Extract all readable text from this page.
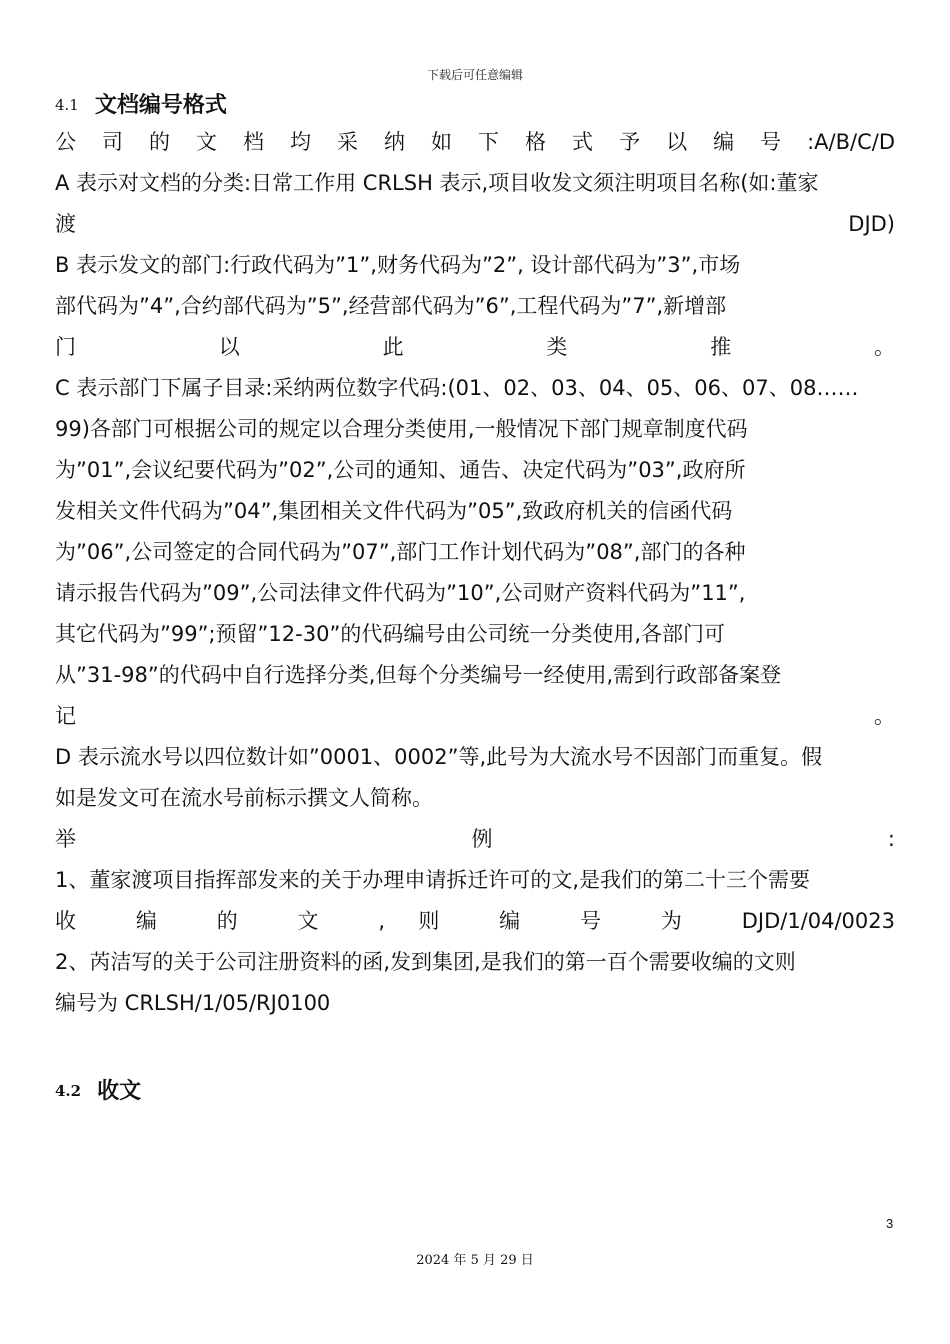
下载后可任意编辑
4.1 文档编号格式
公 司 的 文 档 均 采 纳 如 下 格 式 予 以 编 号 :A/B/C/D
A 表示对文档的分类:日常工作用 CRLSH 表示,项目收发文须注明项目名称(如:董家
渡 DJD)
B 表示发文的部门:行政代码为”1”,财务代码为”2”, 设计部代码为”3”,市场
部代码为”4”,合约部代码为”5”,经营部代码为”6”,工程代码为”7”,新增部
门 以 此 类 推 。
C 表示部门下属子目录:采纳两位数字代码:(01、02、03、04、05、06、07、08……
99)各部门可根据公司的规定以合理分类使用,一般情况下部门规章制度代码
为”01”,会议纪要代码为”02”,公司的通知、通告、决定代码为”03”,政府所
发相关文件代码为”04”,集团相关文件代码为”05”,致政府机关的信函代码
为”06”,公司签定的合同代码为”07”,部门工作计划代码为”08”,部门的各种
请示报告代码为”09”,公司法律文件代码为”10”,公司财产资料代码为”11”,
其它代码为”99”;预留”12-30”的代码编号由公司统一分类使用,各部门可
从”31-98”的代码中自行选择分类,但每个分类编号一经使用,需到行政部备案登
记 。
D 表示流水号以四位数计如”0001、0002”等,此号为大流水号不因部门而重复。假
如是发文可在流水号前标示撰文人简称。
举 例 :
1、董家渡项目指挥部发来的关于办理申请拆迁许可的文,是我们的第二十三个需要
收 编 的 文 , 则 编 号 为 DJD/1/04/0023
2、芮洁写的关于公司注册资料的函,发到集团,是我们的第一百个需要收编的文则
编号为 CRLSH/1/05/RJ0100
4.2 收文
3
2024 年 5 月 29 日
